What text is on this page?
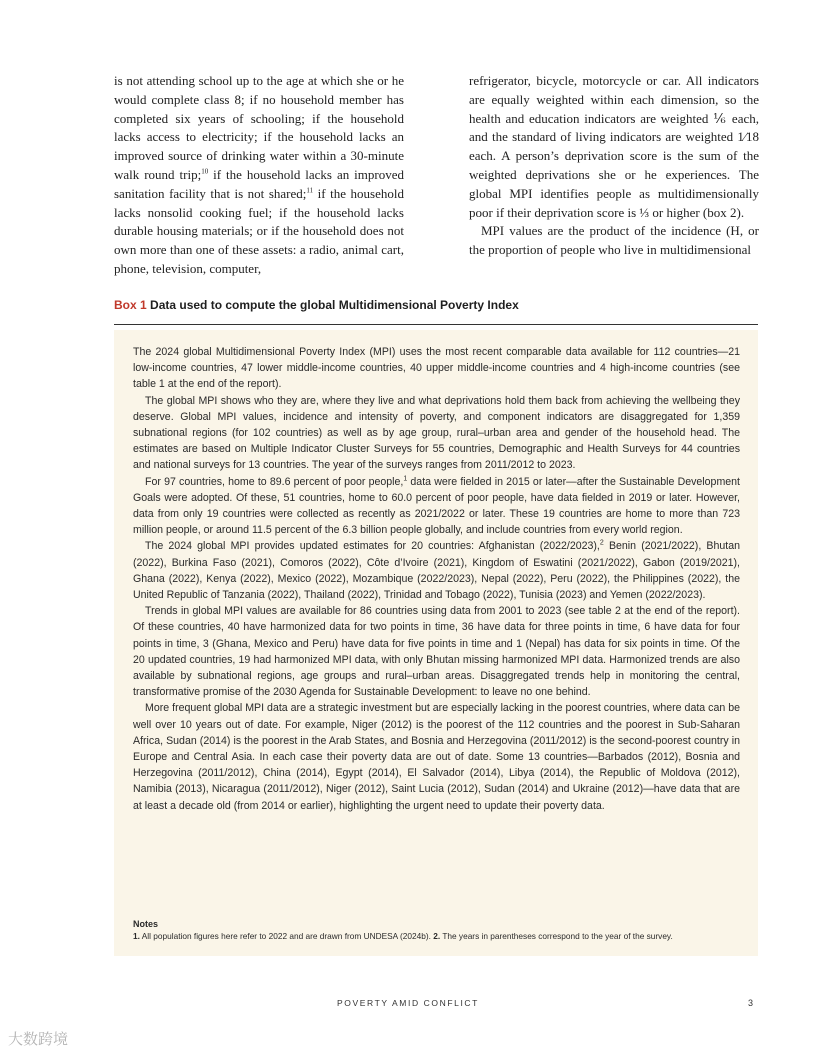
is not attending school up to the age at which she or he would complete class 8; if no household member has completed six years of schooling; if the household lacks access to electricity; if the household lacks an improved source of drinking water within a 30-minute walk round trip;$^{10}$ if the household lacks an improved sanitation facility that is not shared;$^{11}$ if the household lacks nonsolid cooking fuel; if the household lacks durable housing materials; or if the household does not own more than one of these assets: a radio, animal cart, phone, television, computer,

refrigerator, bicycle, motorcycle or car. All indicators are equally weighted within each dimension, so the health and education indicators are weighted ⅙ each, and the standard of living indicators are weighted 1⁄18 each. A person’s deprivation score is the sum of the weighted deprivations she or he experiences. The global MPI identifies people as multidimensionally poor if their deprivation score is ⅓ or higher (box 2).

MPI values are the product of the incidence (H, or the proportion of people who live in multidimensional

Box 1 Data used to compute the global Multidimensional Poverty Index

The 2024 global Multidimensional Poverty Index (MPI) uses the most recent comparable data available for 112 countries—21 low-income countries, 47 lower middle-income countries, 40 upper middle-income countries and 4 high-income countries (see table 1 at the end of the report).

The global MPI shows who they are, where they live and what deprivations hold them back from achieving the wellbeing they deserve. Global MPI values, incidence and intensity of poverty, and component indicators are disaggregated for 1,359 subnational regions (for 102 countries) as well as by age group, rural–urban area and gender of the household head. The estimates are based on Multiple Indicator Cluster Surveys for 55 countries, Demographic and Health Surveys for 44 countries and national surveys for 13 countries. The year of the surveys ranges from 2011/2012 to 2023.

For 97 countries, home to 89.6 percent of poor people,$^1$ data were fielded in 2015 or later—after the Sustainable Development Goals were adopted. Of these, 51 countries, home to 60.0 percent of poor people, have data fielded in 2019 or later. However, data from only 19 countries were collected as recently as 2021/2022 or later. These 19 countries are home to more than 723 million people, or around 11.5 percent of the 6.3 billion people globally, and include countries from every world region.

The 2024 global MPI provides updated estimates for 20 countries: Afghanistan (2022/2023),$^2$ Benin (2021/2022), Bhutan (2022), Burkina Faso (2021), Comoros (2022), Côte d’Ivoire (2021), Kingdom of Eswatini (2021/2022), Gabon (2019/2021), Ghana (2022), Kenya (2022), Mexico (2022), Mozambique (2022/2023), Nepal (2022), Peru (2022), the Philippines (2022), the United Republic of Tanzania (2022), Thailand (2022), Trinidad and Tobago (2022), Tunisia (2023) and Yemen (2022/2023).

Trends in global MPI values are available for 86 countries using data from 2001 to 2023 (see table 2 at the end of the report). Of these countries, 40 have harmonized data for two points in time, 36 have data for three points in time, 6 have data for four points in time, 3 (Ghana, Mexico and Peru) have data for five points in time and 1 (Nepal) has data for six points in time. Of the 20 updated countries, 19 had harmonized MPI data, with only Bhutan missing harmonized MPI data. Harmonized trends are also available by subnational regions, age groups and rural–urban areas. Disaggregated trends help in monitoring the central, transformative promise of the 2030 Agenda for Sustainable Development: to leave no one behind.

More frequent global MPI data are a strategic investment but are especially lacking in the poorest countries, where data can be well over 10 years out of date. For example, Niger (2012) is the poorest of the 112 countries and the poorest in Sub-Saharan Africa, Sudan (2014) is the poorest in the Arab States, and Bosnia and Herzegovina (2011/2012) is the second-poorest country in Europe and Central Asia. In each case their poverty data are out of date. Some 13 countries—Barbados (2012), Bosnia and Herzegovina (2011/2012), China (2014), Egypt (2014), El Salvador (2014), Libya (2014), the Republic of Moldova (2012), Namibia (2013), Nicaragua (2011/2012), Niger (2012), Saint Lucia (2012), Sudan (2014) and Ukraine (2012)—have data that are at least a decade old (from 2014 or earlier), highlighting the urgent need to update their poverty data.

Notes
1. All population figures here refer to 2022 and are drawn from UNDESA (2024b). 2. The years in parentheses correspond to the year of the survey.
POVERTY AMID CONFLICT	3
大数跨境
